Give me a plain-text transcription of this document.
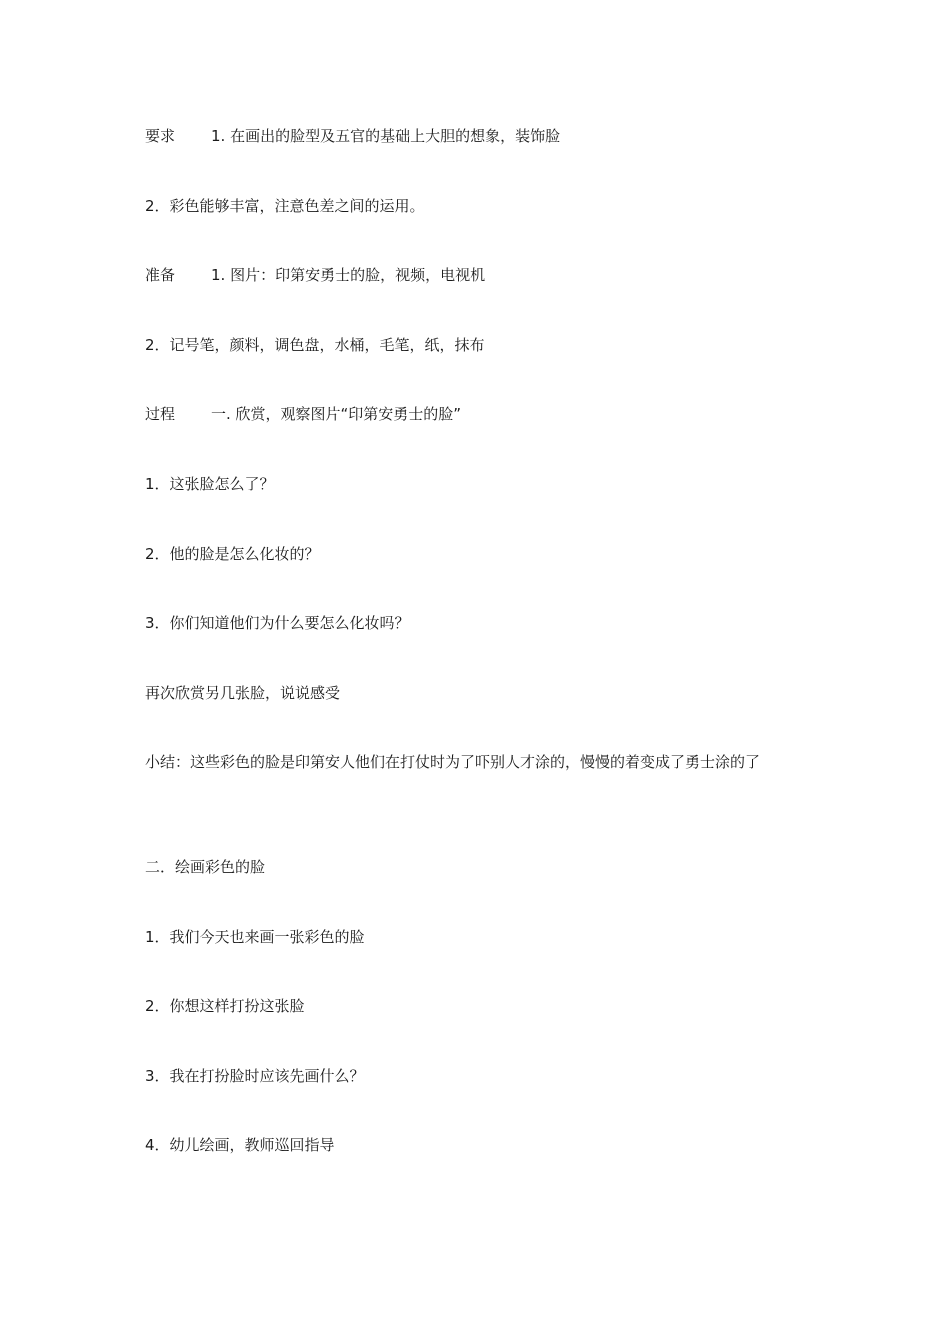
要求 1. 在画出的脸型及五官的基础上大胆的想象，装饰脸
2．彩色能够丰富，注意色差之间的运用。
准备 1. 图片：印第安勇士的脸，视频，电视机
2．记号笔，颜料，调色盘，水桶，毛笔，纸，抹布
过程 一. 欣赏，观察图片“印第安勇士的脸”
1．这张脸怎么了？
2．他的脸是怎么化妆的？
3．你们知道他们为什么要怎么化妆吗？
再次欣赏另几张脸，说说感受
小结：这些彩色的脸是印第安人他们在打仗时为了吓别人才涂的，慢慢的着变成了勇士涂的了
二．绘画彩色的脸
1．我们今天也来画一张彩色的脸
2．你想这样打扮这张脸
3．我在打扮脸时应该先画什么？
4．幼儿绘画，教师巡回指导
